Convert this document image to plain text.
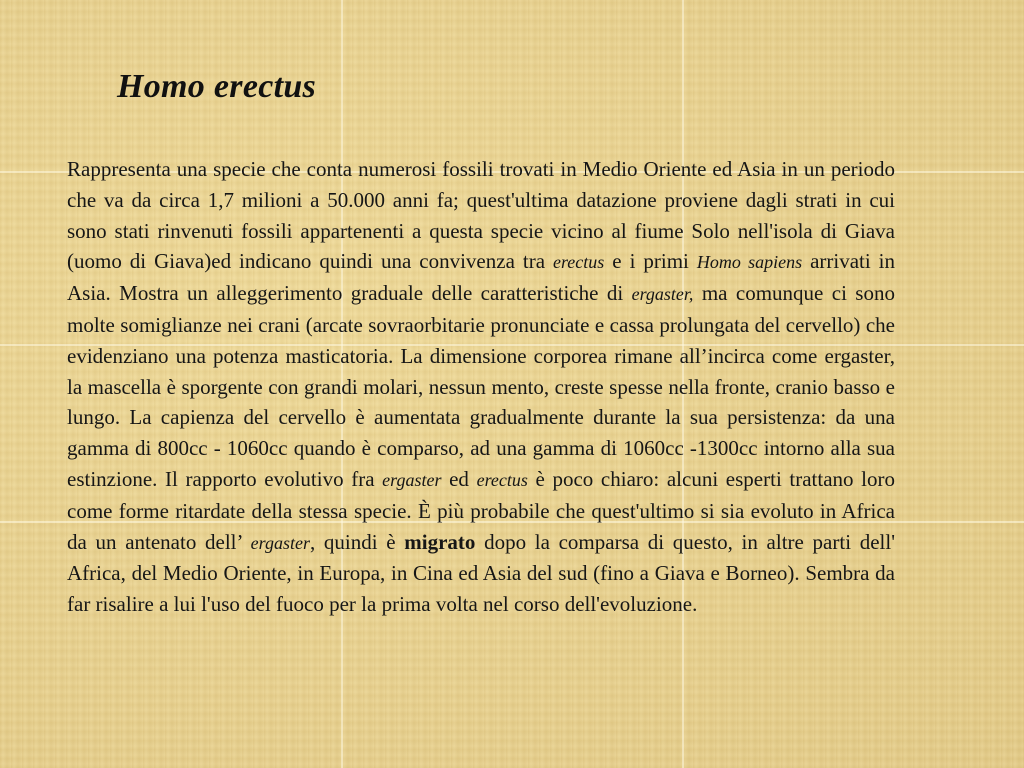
Homo erectus

Rappresenta una specie che conta numerosi fossili trovati in Medio Oriente ed Asia in un periodo che va da circa 1,7 milioni a 50.000 anni fa; quest'ultima datazione proviene dagli strati in cui sono stati rinvenuti fossili appartenenti a questa specie vicino al fiume Solo nell'isola di Giava (uomo di Giava)ed indicano quindi una convivenza tra erectus e i primi Homo sapiens arrivati in Asia. Mostra un alleggerimento graduale delle caratteristiche di ergaster, ma comunque ci sono molte somiglianze nei crani (arcate sovraorbitarie pronunciate e cassa prolungata del cervello) che evidenziano una potenza masticatoria. La dimensione corporea rimane all’incirca come ergaster, la mascella è sporgente con grandi molari, nessun mento, creste spesse nella fronte, cranio basso e lungo. La capienza del cervello è aumentata gradualmente durante la sua persistenza: da una gamma di 800cc - 1060cc quando è comparso, ad una gamma di 1060cc -1300cc intorno alla sua estinzione. Il rapporto evolutivo fra ergaster ed erectus è poco chiaro: alcuni esperti trattano loro come forme ritardate della stessa specie. È più probabile che quest'ultimo si sia evoluto in Africa da un antenato dell’ ergaster, quindi è migrato dopo la comparsa di questo, in altre parti dell' Africa, del Medio Oriente, in Europa, in Cina ed Asia del sud (fino a Giava e Borneo). Sembra da far risalire a lui l'uso del fuoco per la prima volta nel corso dell'evoluzione.
